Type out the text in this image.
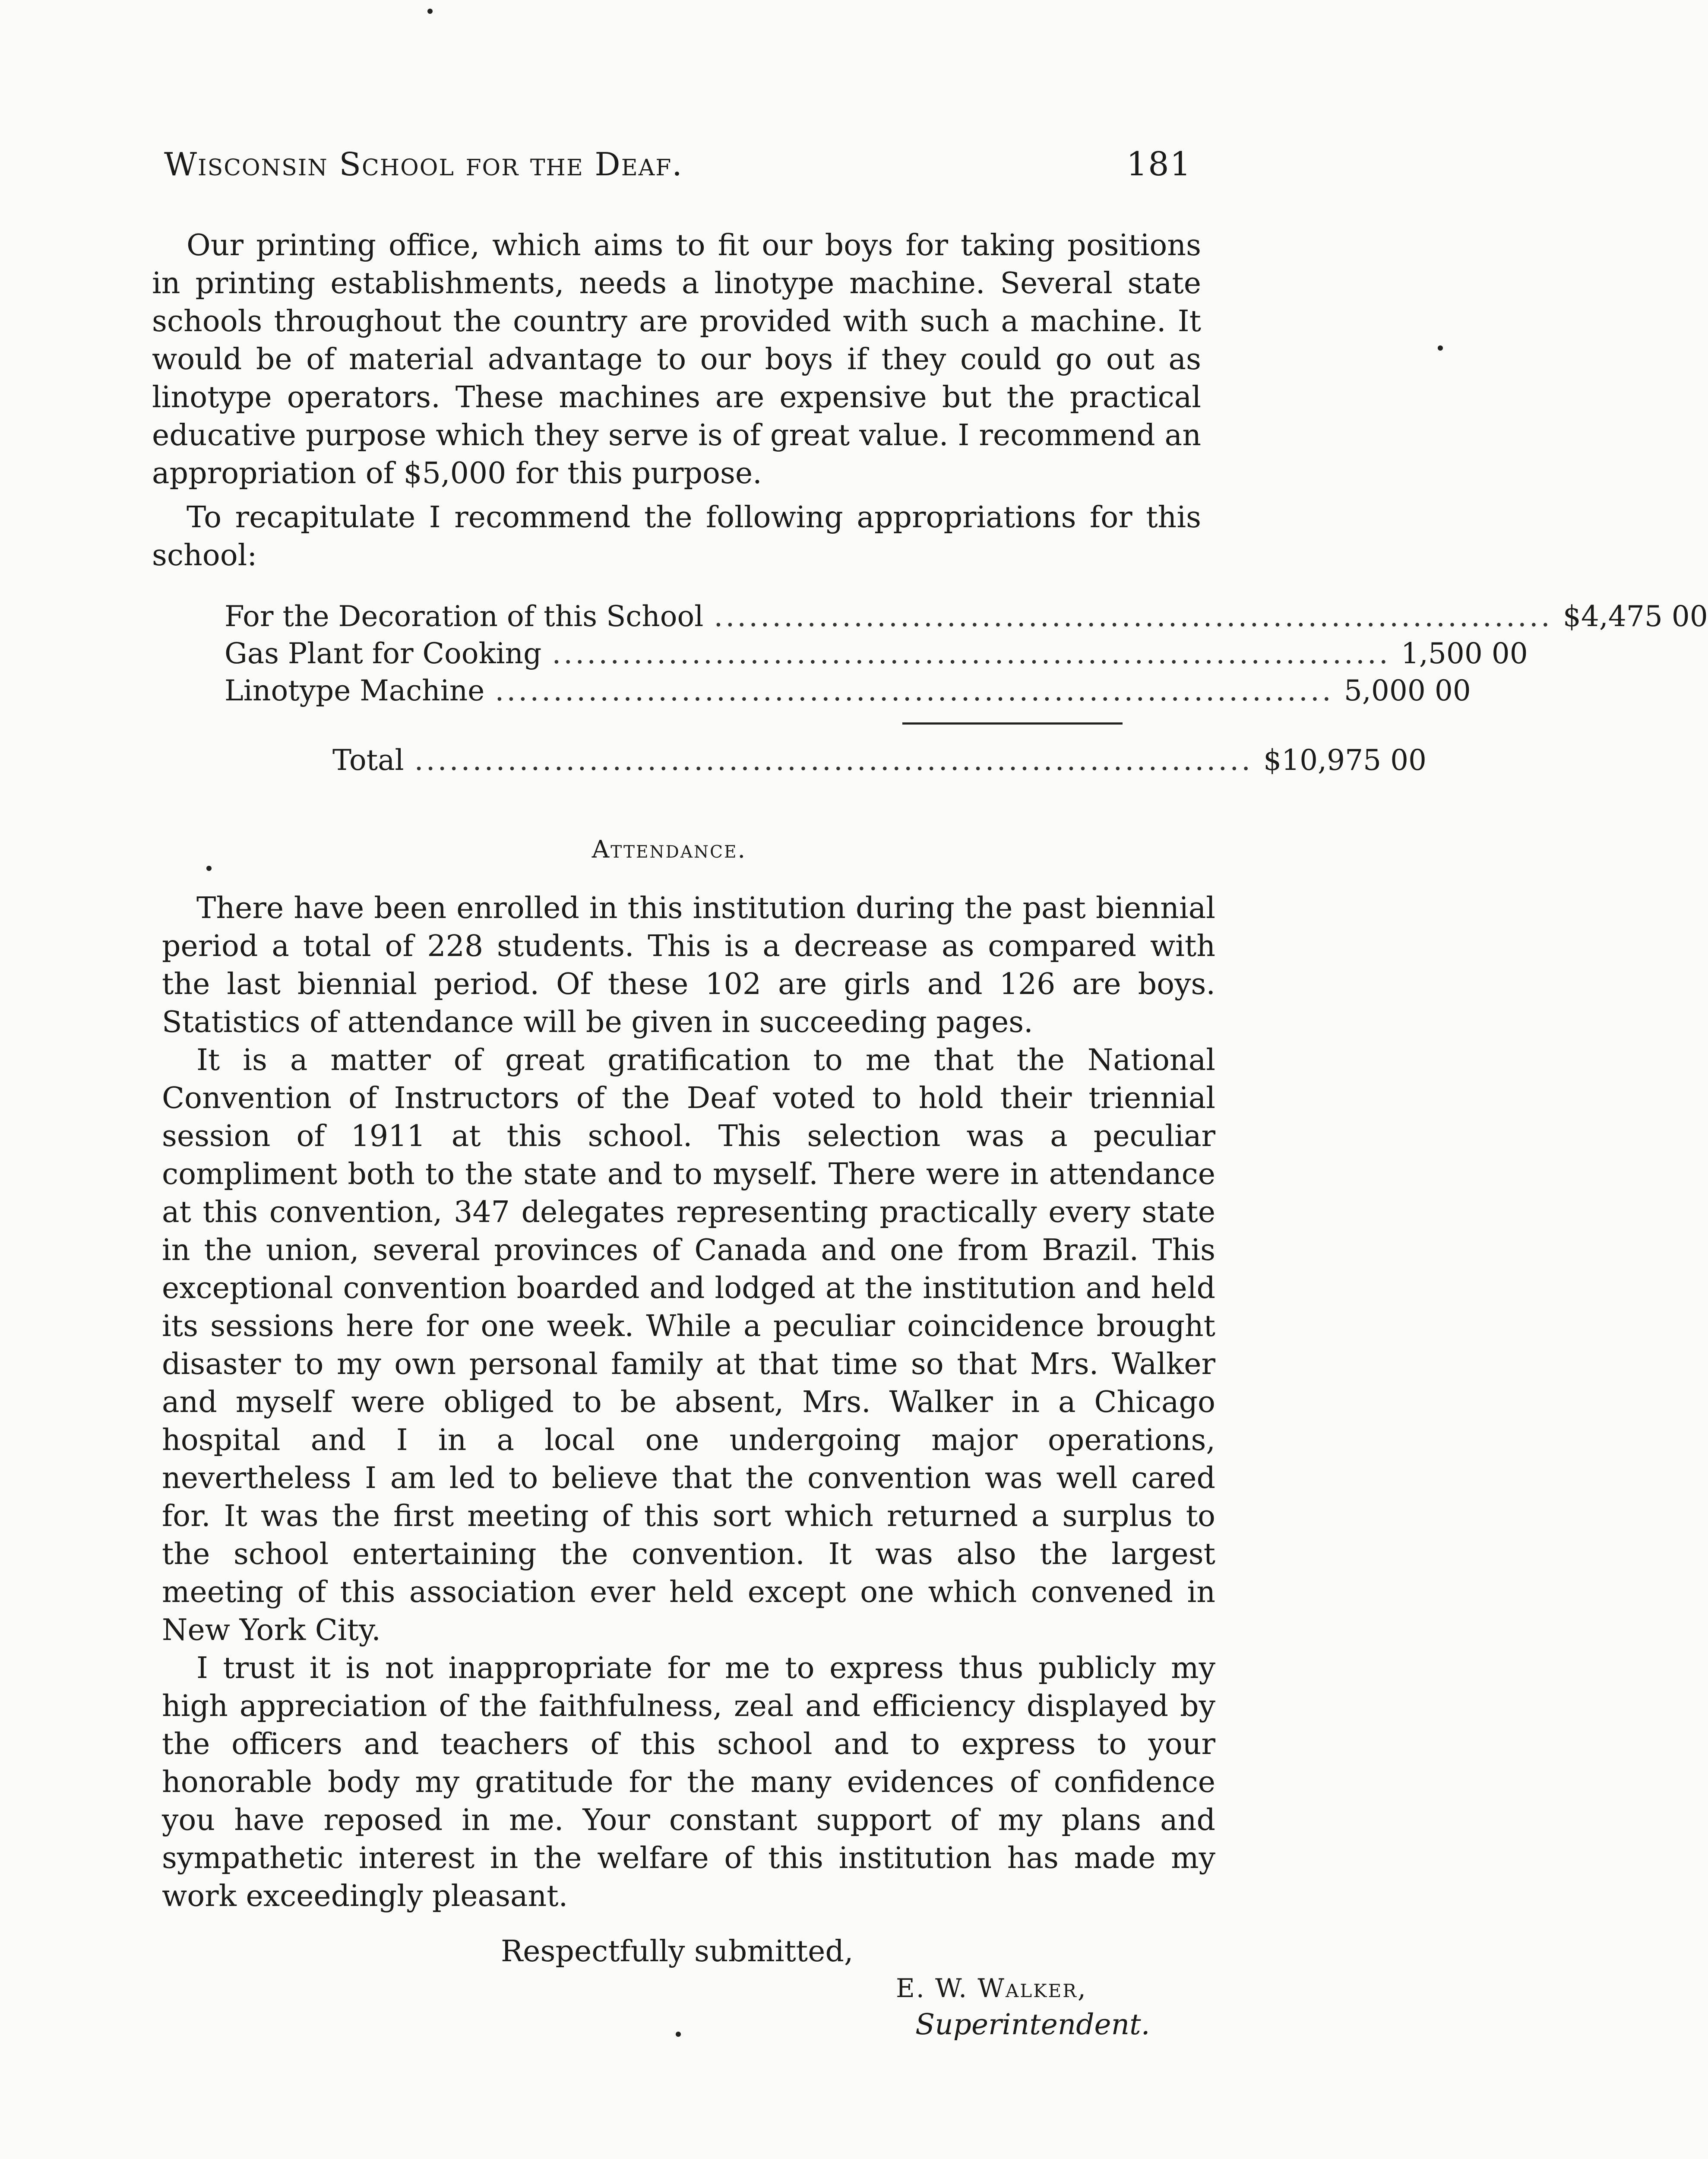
Wisconsin School for the Deaf.	181

Our printing office, which aims to fit our boys for taking positions in printing establishments, needs a linotype machine. Several state schools throughout the country are provided with such a machine. It would be of material advantage to our boys if they could go out as linotype operators. These machines are expensive but the practical educative purpose which they serve is of great value. I recommend an appropriation of $5,000 for this purpose.

To recapitulate I recommend the following appropriations for this school:

For the Decoration of this School ........................................................................ $4,475 00
Gas Plant for Cooking ........................................................................ 1,500 00
Linotype Machine ........................................................................ 5,000 00
Total ........................................................................ $10,975 00
Attendance.

There have been enrolled in this institution during the past biennial period a total of 228 students. This is a decrease as compared with the last biennial period. Of these 102 are girls and 126 are boys. Statistics of attendance will be given in succeeding pages.

It is a matter of great gratification to me that the National Convention of Instructors of the Deaf voted to hold their triennial session of 1911 at this school. This selection was a peculiar compliment both to the state and to myself. There were in attendance at this convention, 347 delegates representing practically every state in the union, several provinces of Canada and one from Brazil. This exceptional convention boarded and lodged at the institution and held its sessions here for one week. While a peculiar coincidence brought disaster to my own personal family at that time so that Mrs. Walker and myself were obliged to be absent, Mrs. Walker in a Chicago hospital and I in a local one undergoing major operations, nevertheless I am led to believe that the convention was well cared for. It was the first meeting of this sort which returned a surplus to the school entertaining the convention. It was also the largest meeting of this association ever held except one which convened in New York City.

I trust it is not inappropriate for me to express thus publicly my high appreciation of the faithfulness, zeal and efficiency displayed by the officers and teachers of this school and to express to your honorable body my gratitude for the many evidences of confidence you have reposed in me. Your constant support of my plans and sympathetic interest in the welfare of this institution has made my work exceedingly pleasant.

Respectfully submitted,
E. W. Walker,
Superintendent.
